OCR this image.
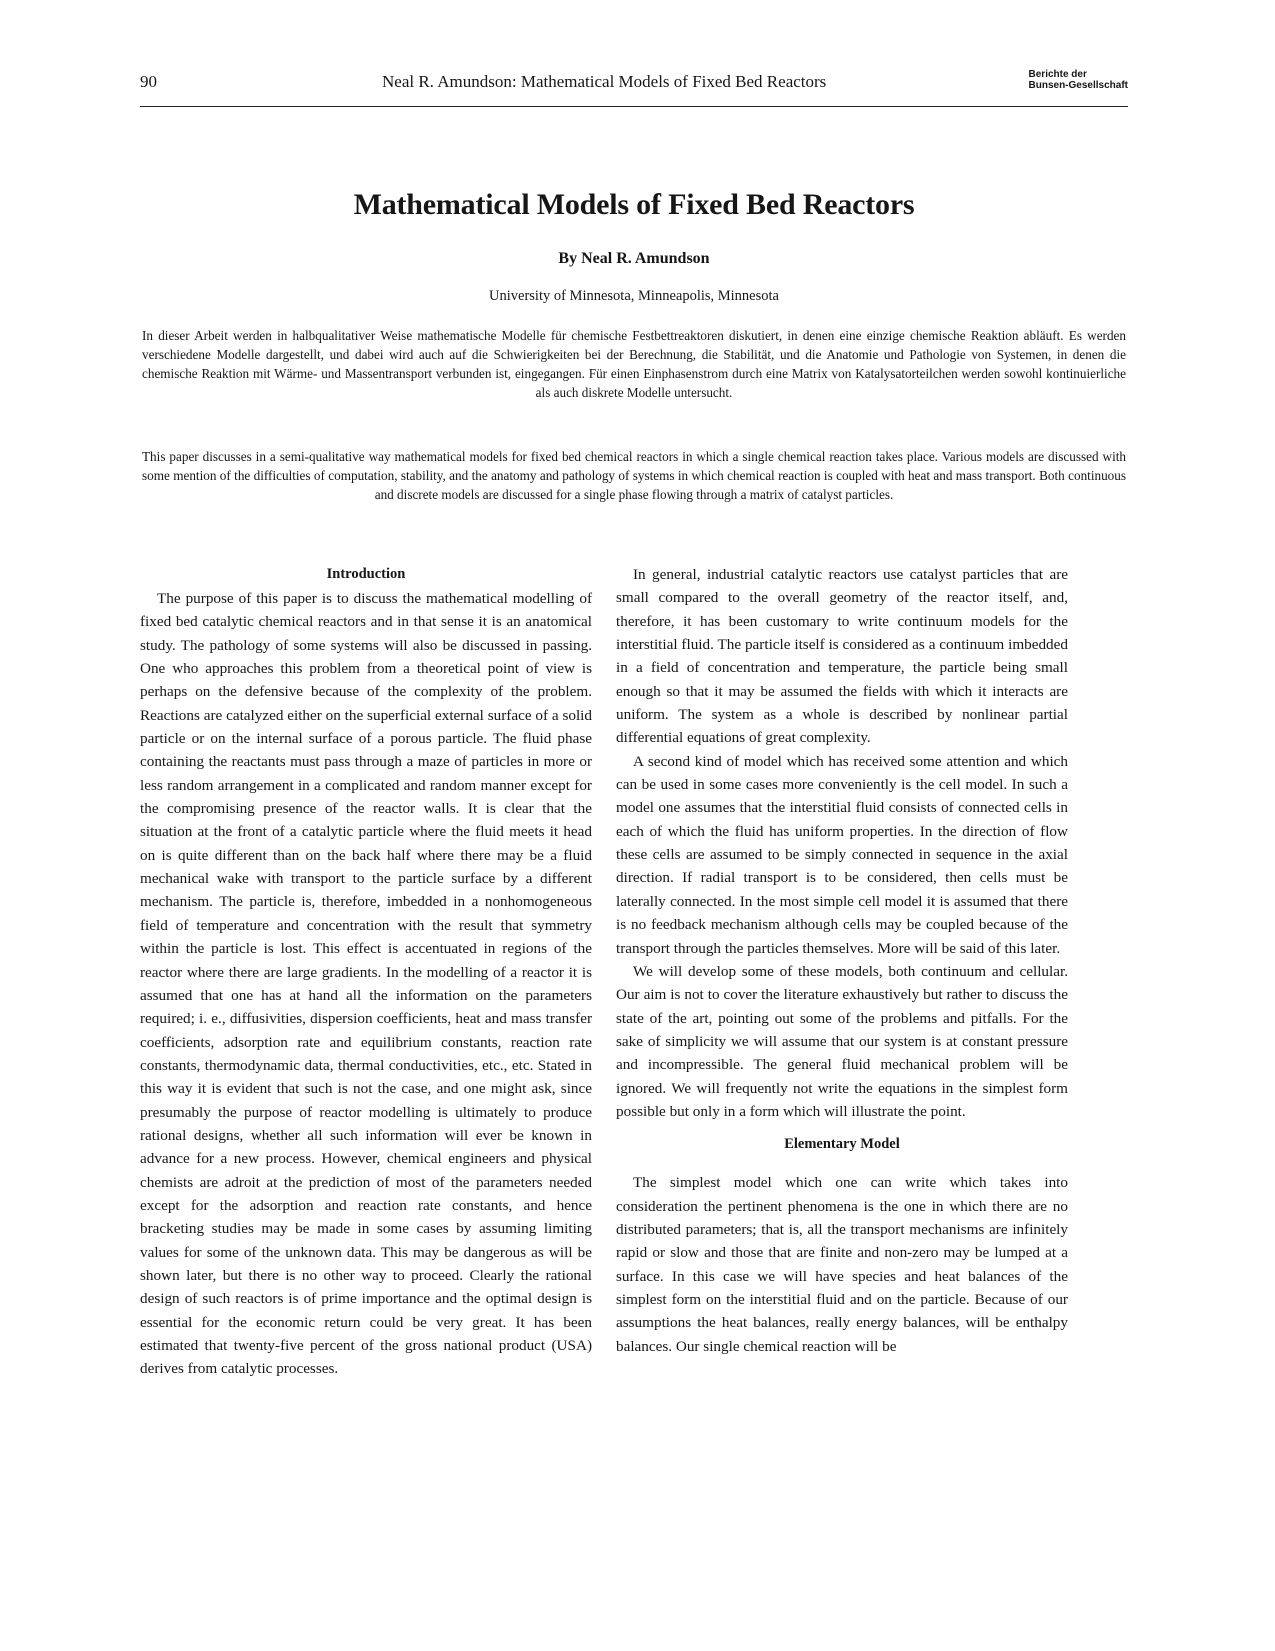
90	Neal R. Amundson: Mathematical Models of Fixed Bed Reactors	Berichte der
Bunsen-Gesellschaft
Mathematical Models of Fixed Bed Reactors

By Neal R. Amundson

University of Minnesota, Minneapolis, Minnesota

In dieser Arbeit werden in halbqualitativer Weise mathematische Modelle für chemische Festbettreaktoren diskutiert, in denen eine einzige chemische Reaktion abläuft. Es werden verschiedene Modelle dargestellt, und dabei wird auch auf die Schwierigkeiten bei der Berechnung, die Stabilität, und die Anatomie und Pathologie von Systemen, in denen die chemische Reaktion mit Wärme- und Massentransport verbunden ist, eingegangen. Für einen Einphasenstrom durch eine Matrix von Katalysatorteilchen werden sowohl kontinuierliche als auch diskrete Modelle untersucht.

This paper discusses in a semi-qualitative way mathematical models for fixed bed chemical reactors in which a single chemical reaction takes place. Various models are discussed with some mention of the difficulties of computation, stability, and the anatomy and pathology of systems in which chemical reaction is coupled with heat and mass transport. Both continuous and discrete models are discussed for a single phase flowing through a matrix of catalyst particles.

Introduction

The purpose of this paper is to discuss the mathematical modelling of fixed bed catalytic chemical reactors and in that sense it is an anatomical study. The pathology of some systems will also be discussed in passing. One who approaches this problem from a theoretical point of view is perhaps on the defensive because of the complexity of the problem. Reactions are catalyzed either on the superficial external surface of a solid particle or on the internal surface of a porous particle. The fluid phase containing the reactants must pass through a maze of particles in more or less random arrangement in a complicated and random manner except for the compromising presence of the reactor walls. It is clear that the situation at the front of a catalytic particle where the fluid meets it head on is quite different than on the back half where there may be a fluid mechanical wake with transport to the particle surface by a different mechanism. The particle is, therefore, imbedded in a nonhomogeneous field of temperature and concentration with the result that symmetry within the particle is lost. This effect is accentuated in regions of the reactor where there are large gradients. In the modelling of a reactor it is assumed that one has at hand all the information on the parameters required; i. e., diffusivities, dispersion coefficients, heat and mass transfer coefficients, adsorption rate and equilibrium constants, reaction rate constants, thermodynamic data, thermal conductivities, etc., etc. Stated in this way it is evident that such is not the case, and one might ask, since presumably the purpose of reactor modelling is ultimately to produce rational designs, whether all such information will ever be known in advance for a new process. However, chemical engineers and physical chemists are adroit at the prediction of most of the parameters needed except for the adsorption and reaction rate constants, and hence bracketing studies may be made in some cases by assuming limiting values for some of the unknown data. This may be dangerous as will be shown later, but there is no other way to proceed. Clearly the rational design of such reactors is of prime importance and the optimal design is essential for the economic return could be very great. It has been estimated that twenty-five percent of the gross national product (USA) derives from catalytic processes.

In general, industrial catalytic reactors use catalyst particles that are small compared to the overall geometry of the reactor itself, and, therefore, it has been customary to write continuum models for the interstitial fluid. The particle itself is considered as a continuum imbedded in a field of concentration and temperature, the particle being small enough so that it may be assumed the fields with which it interacts are uniform. The system as a whole is described by nonlinear partial differential equations of great complexity.

A second kind of model which has received some attention and which can be used in some cases more conveniently is the cell model. In such a model one assumes that the interstitial fluid consists of connected cells in each of which the fluid has uniform properties. In the direction of flow these cells are assumed to be simply connected in sequence in the axial direction. If radial transport is to be considered, then cells must be laterally connected. In the most simple cell model it is assumed that there is no feedback mechanism although cells may be coupled because of the transport through the particles themselves. More will be said of this later.

We will develop some of these models, both continuum and cellular. Our aim is not to cover the literature exhaustively but rather to discuss the state of the art, pointing out some of the problems and pitfalls. For the sake of simplicity we will assume that our system is at constant pressure and incompressible. The general fluid mechanical problem will be ignored. We will frequently not write the equations in the simplest form possible but only in a form which will illustrate the point.

Elementary Model

The simplest model which one can write which takes into consideration the pertinent phenomena is the one in which there are no distributed parameters; that is, all the transport mechanisms are infinitely rapid or slow and those that are finite and non-zero may be lumped at a surface. In this case we will have species and heat balances of the simplest form on the interstitial fluid and on the particle. Because of our assumptions the heat balances, really energy balances, will be enthalpy balances. Our single chemical reaction will be
